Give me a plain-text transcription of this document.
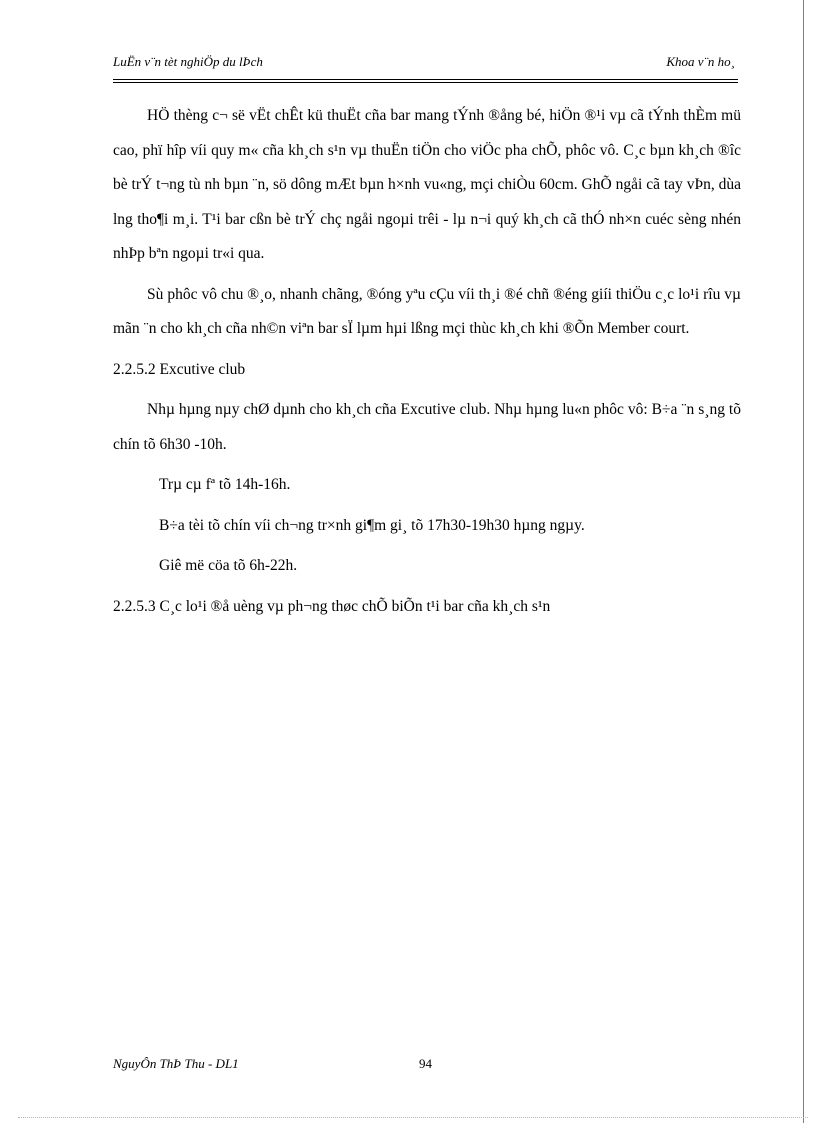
LuËn v¨n tèt nghiÖp du lÞch	Khoa v¨n ho¸

HÖ thèng c¬ së vËt chÊt kü thuËt cña bar mang tÝnh ®ång bé, hiÖn ®¹i vµ cã tÝnh thÈm mü cao, phï hîp víi quy m« cña kh¸ch s¹n vµ thuËn tiÖn cho viÖc pha chÕ, phôc vô. C¸c bµn kh¸ch ®îc bè trÝ t¬ng tù nh bµn ¨n, sö dông mÆt bµn h×nh vu«ng, mçi chiÒu 60cm. GhÕ ngåi cã tay vÞn, dùa lng tho¶i m¸i. T¹i bar cßn bè trÝ chç ngåi ngoµi trêi - lµ n¬i quý kh¸ch cã thÓ nh×n cuéc sèng nhén nhÞp bªn ngoµi tr«i qua.

Sù phôc vô chu ®¸o, nhanh chãng, ®óng yªu cÇu víi th¸i ®é chñ ®éng giíi thiÖu c¸c lo¹i rîu vµ mãn ¨n cho kh¸ch cña nh©n viªn bar sÏ lµm hµi lßng mçi thùc kh¸ch khi ®Õn Member court.

2.2.5.2 Excutive club

Nhµ hµng nµy chØ dµnh cho kh¸ch cña Excutive club. Nhµ hµng lu«n phôc vô: B÷a ¨n s¸ng tõ chín tõ 6h30 -10h.

Trµ cµ fª tõ 14h-16h.

B÷a tèi tõ chín víi ch¬ng tr×nh gi¶m gi¸ tõ 17h30-19h30 hµng ngµy.

Giê më cöa tõ 6h-22h.

2.2.5.3 C¸c lo¹i ®å uèng vµ ph¬ng thøc chÕ biÕn t¹i bar cña kh¸ch s¹n

NguyÔn ThÞ Thu - DL1	94
